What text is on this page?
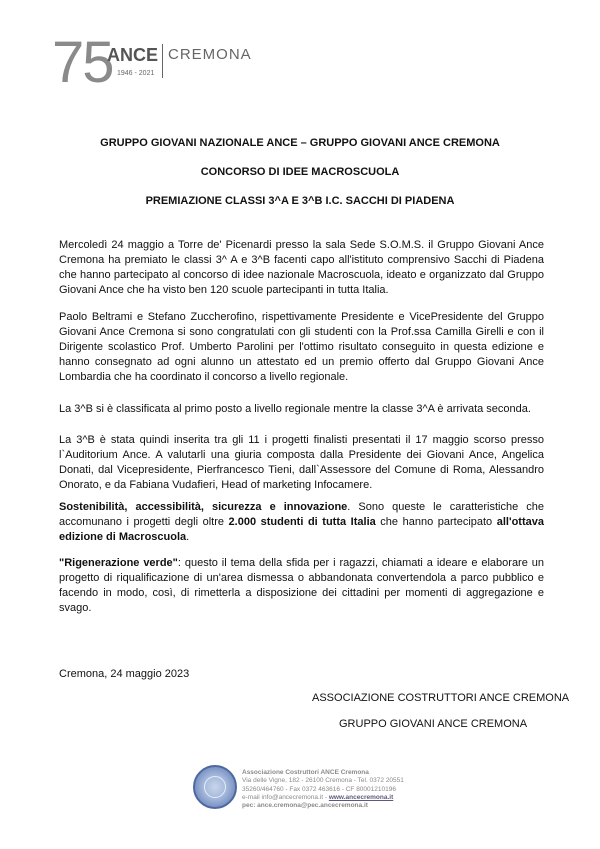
75
ANCE
1946 - 2021
CREMONA
GRUPPO GIOVANI NAZIONALE ANCE – GRUPPO GIOVANI ANCE CREMONA
CONCORSO DI IDEE MACROSCUOLA
PREMIAZIONE CLASSI 3^A E 3^B I.C. SACCHI DI PIADENA

Mercoledì 24 maggio a Torre de' Picenardi presso la sala Sede S.O.M.S. il Gruppo Giovani Ance Cremona ha premiato le classi 3^ A e 3^B facenti capo all'istituto comprensivo Sacchi di Piadena che hanno partecipato al concorso di idee nazionale Macroscuola, ideato e organizzato dal Gruppo Giovani Ance che ha visto ben 120 scuole partecipanti in tutta Italia.

Paolo Beltrami e Stefano Zuccherofino, rispettivamente Presidente e VicePresidente del Gruppo Giovani Ance Cremona si sono congratulati con gli studenti con la Prof.ssa Camilla Girelli e con il Dirigente scolastico Prof. Umberto Parolini per l'ottimo risultato conseguito in questa edizione e hanno consegnato ad ogni alunno un attestato ed un premio offerto dal Gruppo Giovani Ance Lombardia che ha coordinato il concorso a livello regionale.

La 3^B si è classificata al primo posto a livello regionale mentre la classe 3^A è arrivata seconda.

La 3^B è stata quindi inserita tra gli 11 i progetti finalisti presentati il 17 maggio scorso presso l`Auditorium Ance. A valutarli una giuria composta dalla Presidente dei Giovani Ance, Angelica Donati, dal Vicepresidente, Pierfrancesco Tieni, dall`Assessore del Comune di Roma, Alessandro Onorato, e da Fabiana Vudafieri, Head of marketing Infocamere.

Sostenibilità, accessibilità, sicurezza e innovazione. Sono queste le caratteristiche che accomunano i progetti degli oltre 2.000 studenti di tutta Italia che hanno partecipato all'ottava edizione di Macroscuola.

"Rigenerazione verde": questo il tema della sfida per i ragazzi, chiamati a ideare e elaborare un progetto di riqualificazione di un'area dismessa o abbandonata convertendola a parco pubblico e facendo in modo, così, di rimetterla a disposizione dei cittadini per momenti di aggregazione e svago.

Cremona, 24 maggio 2023
ASSOCIAZIONE COSTRUTTORI ANCE CREMONA
GRUPPO GIOVANI ANCE CREMONA
Associazione Costruttori ANCE Cremona
Via delle Vigne, 182 - 26100 Cremona - Tel. 0372 20551
35260/464760 - Fax 0372 463616 - CF 80001210196
e-mail info@ancecremona.it - www.ancecremona.it
pec: ance.cremona@pec.ancecremona.it
